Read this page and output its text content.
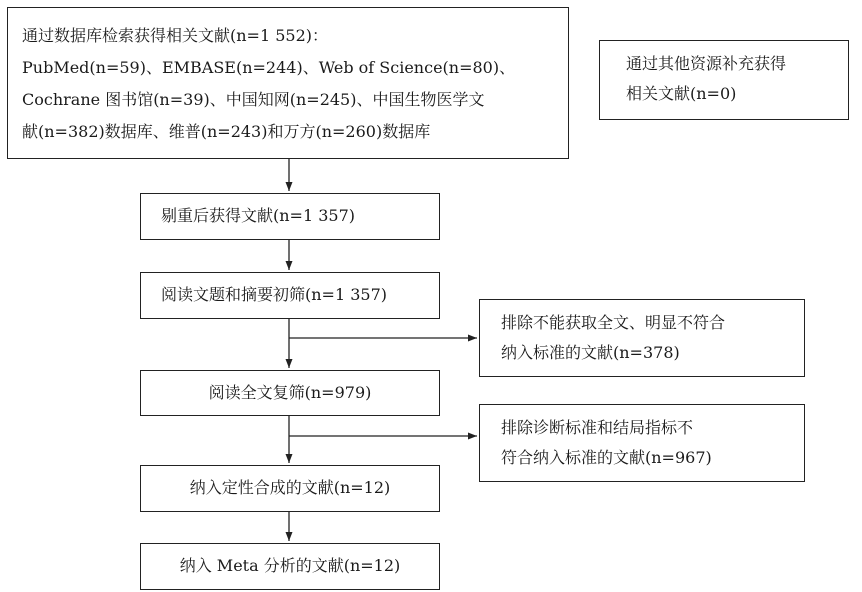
通过数据库检索获得相关文献(n=1 552)：
PubMed(n=59)、EMBASE(n=244)、Web of Science(n=80)、
Cochrane 图书馆(n=39)、中国知网(n=245)、中国生物医学文
献(n=382)数据库、维普(n=243)和万方(n=260)数据库
通过其他资源补充获得
相关文献(n=0)
剔重后获得文献(n=1 357)
阅读文题和摘要初筛(n=1 357)
排除不能获取全文、明显不符合
纳入标准的文献(n=378)
阅读全文复筛(n=979)
排除诊断标准和结局指标不
符合纳入标准的文献(n=967)
纳入定性合成的文献(n=12)
纳入 Meta 分析的文献(n=12)
